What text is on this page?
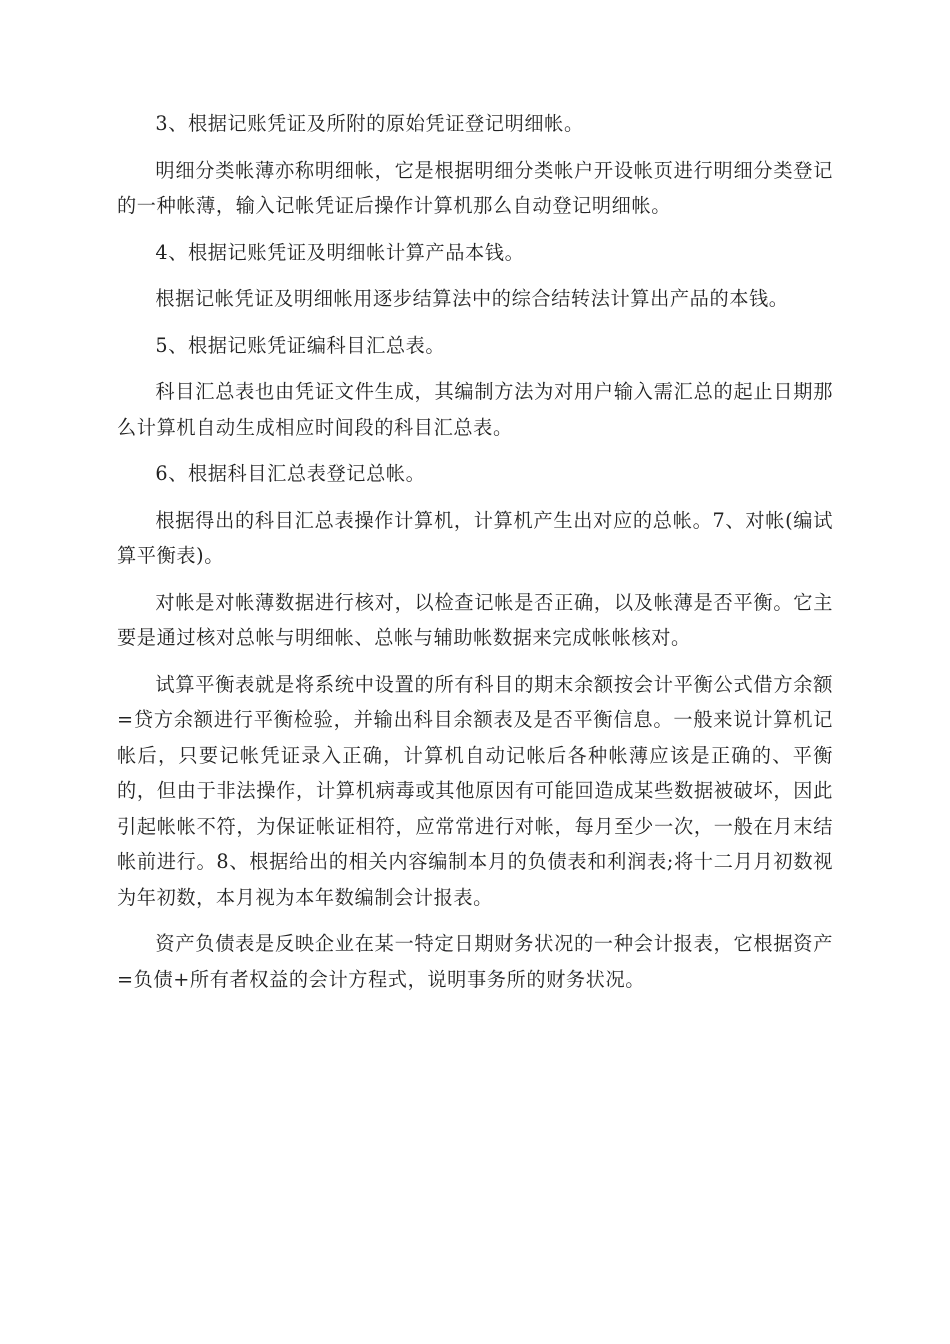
3、根据记账凭证及所附的原始凭证登记明细帐。

明细分类帐薄亦称明细帐，它是根据明细分类帐户开设帐页进行明细分类登记的一种帐薄，输入记帐凭证后操作计算机那么自动登记明细帐。

4、根据记账凭证及明细帐计算产品本钱。

根据记帐凭证及明细帐用逐步结算法中的综合结转法计算出产品的本钱。

5、根据记账凭证编科目汇总表。

科目汇总表也由凭证文件生成，其编制方法为对用户输入需汇总的起止日期那么计算机自动生成相应时间段的科目汇总表。

6、根据科目汇总表登记总帐。

根据得出的科目汇总表操作计算机，计算机产生出对应的总帐。7、对帐(编试算平衡表)。

对帐是对帐薄数据进行核对，以检查记帐是否正确，以及帐薄是否平衡。它主要是通过核对总帐与明细帐、总帐与辅助帐数据来完成帐帐核对。

试算平衡表就是将系统中设置的所有科目的期末余额按会计平衡公式借方余额=贷方余额进行平衡检验，并输出科目余额表及是否平衡信息。一般来说计算机记帐后，只要记帐凭证录入正确，计算机自动记帐后各种帐薄应该是正确的、平衡的，但由于非法操作，计算机病毒或其他原因有可能回造成某些数据被破坏，因此引起帐帐不符，为保证帐证相符，应常常进行对帐，每月至少一次，一般在月末结帐前进行。8、根据给出的相关内容编制本月的负债表和利润表;将十二月月初数视为年初数，本月视为本年数编制会计报表。

资产负债表是反映企业在某一特定日期财务状况的一种会计报表，它根据资产=负债+所有者权益的会计方程式，说明事务所的财务状况。
